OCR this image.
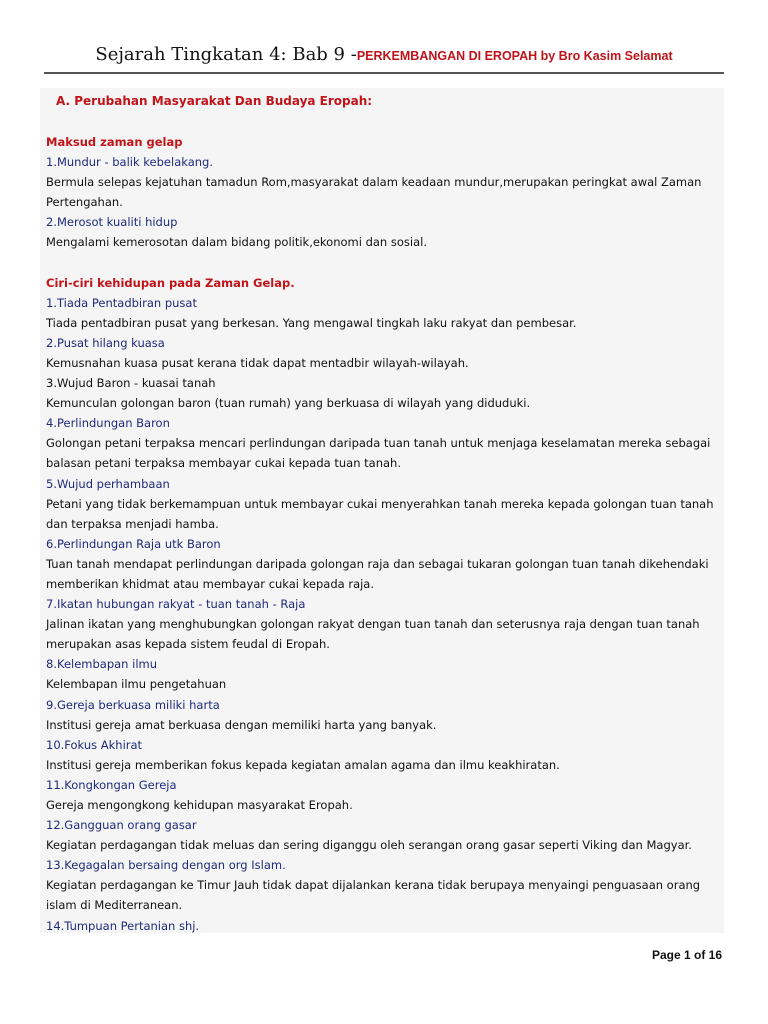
Sejarah Tingkatan 4: Bab 9 -PERKEMBANGAN DI EROPAH by Bro Kasim Selamat
A. Perubahan Masyarakat Dan Budaya Eropah:
Maksud zaman gelap
1.Mundur - balik kebelakang.
Bermula selepas kejatuhan tamadun Rom,masyarakat dalam keadaan mundur,merupakan peringkat awal Zaman Pertengahan.
2.Merosot kualiti hidup
Mengalami kemerosotan dalam bidang politik,ekonomi dan sosial.
Ciri-ciri kehidupan pada Zaman Gelap.
1.Tiada Pentadbiran pusat
Tiada pentadbiran pusat yang berkesan. Yang mengawal tingkah laku rakyat dan pembesar.
2.Pusat hilang kuasa
Kemusnahan kuasa pusat kerana tidak dapat mentadbir wilayah-wilayah.
3.Wujud Baron - kuasai tanah
Kemunculan golongan baron (tuan rumah) yang berkuasa di wilayah yang diduduki.
4.Perlindungan Baron
Golongan petani terpaksa mencari perlindungan daripada tuan tanah untuk menjaga keselamatan mereka sebagai balasan petani terpaksa membayar cukai kepada tuan tanah.
5.Wujud perhambaan
Petani yang tidak berkemampuan untuk membayar cukai menyerahkan tanah mereka kepada golongan tuan tanah dan terpaksa menjadi hamba.
6.Perlindungan Raja utk Baron
Tuan tanah mendapat perlindungan daripada golongan raja dan sebagai tukaran golongan tuan tanah dikehendaki memberikan khidmat atau membayar cukai kepada raja.
7.Ikatan hubungan rakyat - tuan tanah - Raja
Jalinan ikatan yang menghubungkan golongan rakyat dengan tuan tanah dan seterusnya raja dengan tuan tanah merupakan asas kepada sistem feudal di Eropah.
8.Kelembapan ilmu
Kelembapan ilmu pengetahuan
9.Gereja berkuasa miliki harta
Institusi gereja amat berkuasa dengan memiliki harta yang banyak.
10.Fokus Akhirat
Institusi gereja memberikan fokus kepada kegiatan amalan agama dan ilmu keakhiratan.
11.Kongkongan Gereja
Gereja mengongkong kehidupan masyarakat Eropah.
12.Gangguan orang gasar
Kegiatan perdagangan tidak meluas dan sering diganggu oleh serangan orang gasar seperti Viking dan Magyar.
13.Kegagalan bersaing dengan org Islam.
Kegiatan perdagangan ke Timur Jauh tidak dapat dijalankan kerana tidak berupaya menyaingi penguasaan orang islam di Mediterranean.
14.Tumpuan Pertanian shj.
Page 1 of 16
